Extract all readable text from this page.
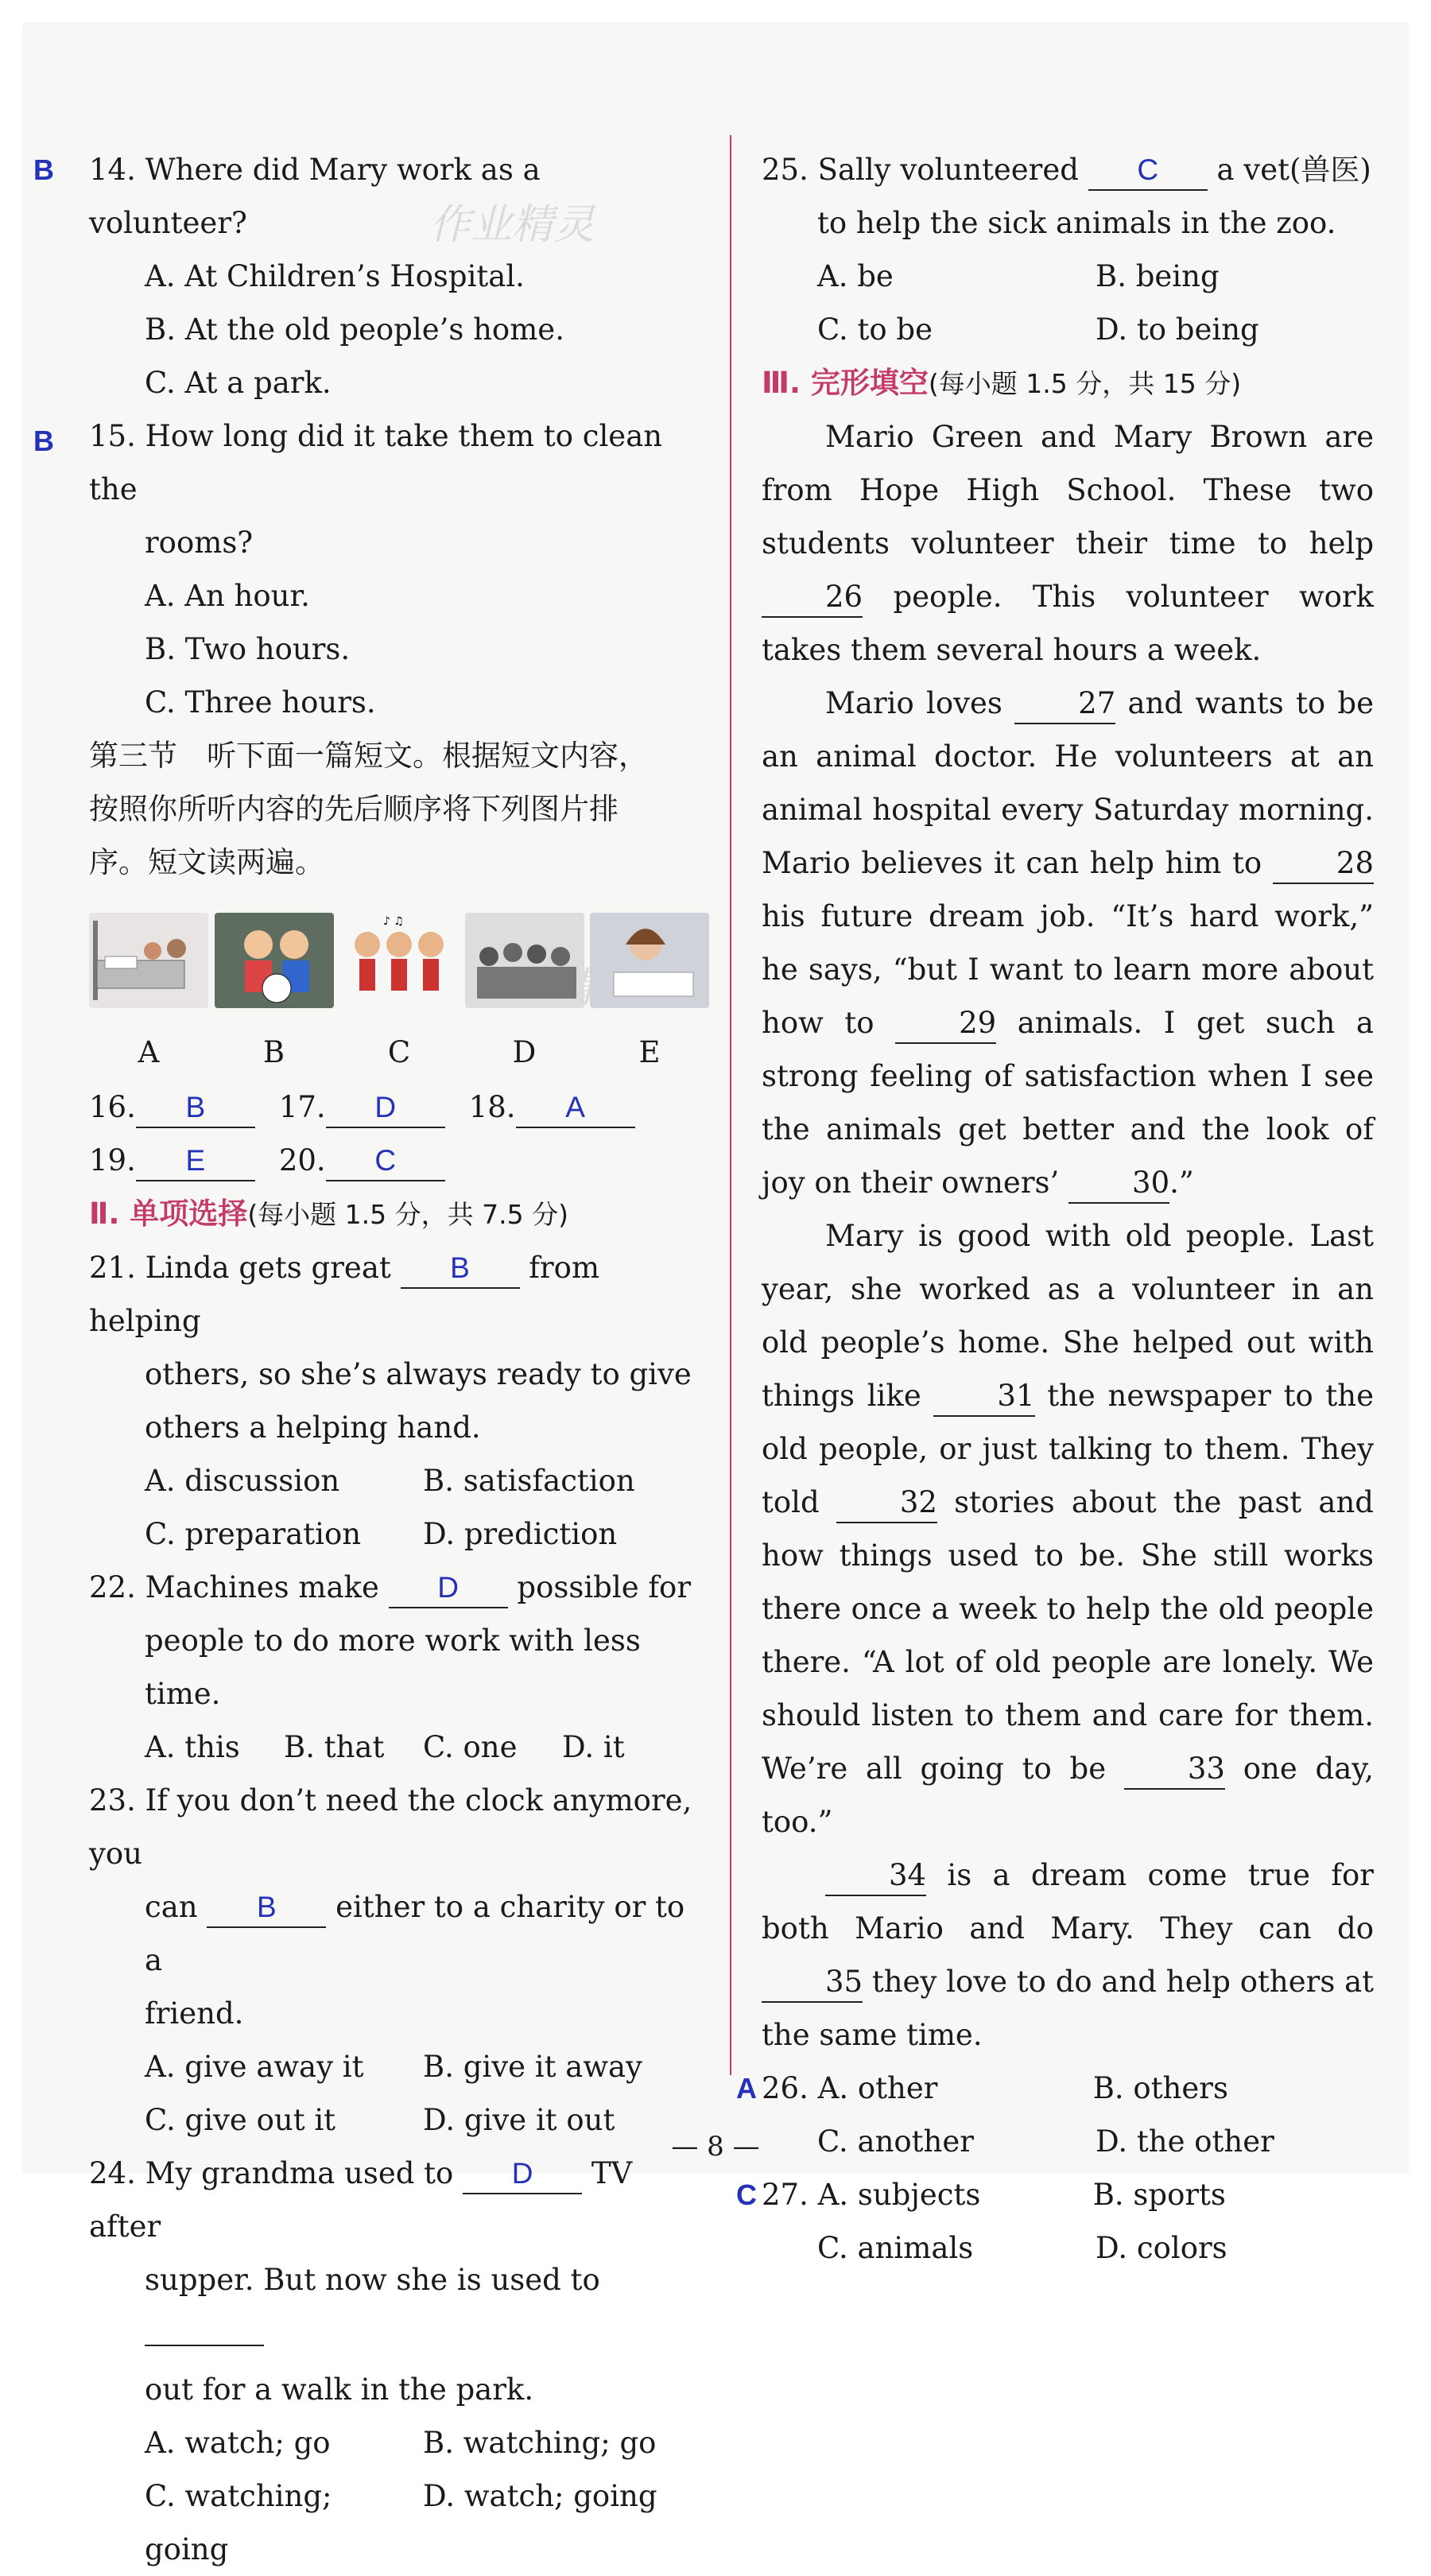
作业精灵
B 14. Where did Mary work as a volunteer?
A. At Children’s Hospital.
B. At the old people’s home.
C. At a park.
B 15. How long did it take them to clean the
rooms?
A. An hour.
B. Two hours.
C. Three hours.
第三节　听下面一篇短文。根据短文内容，
按照你所听内容的先后顺序将下列图片排
序。短文读两遍。
A	B
♪ ♫
C	D	E
16.	B	17.	D	18.	A
19.	E	20.	C
Ⅱ. 单项选择(每小题 1.5 分，共 7.5 分)
21. Linda gets great B from helping
others, so she’s always ready to give
others a helping hand.
A. discussion	B. satisfaction
C. preparation	D. prediction
22. Machines make D possible for
people to do more work with less time.
A. this	B. that	C. one	D. it
23. If you don’t need the clock anymore, you
can B either to a charity or to a
friend.
A. give away it	B. give it away
C. give out it	D. give it out
24. My grandma used to D TV after
supper. But now she is used to
out for a walk in the park.
A. watch; go	B. watching; go
C. watching; going
D. watch; going
25. Sally volunteered C a vet(兽医)
to help the sick animals in the zoo.
A. be	B. being
C. to be	D. to being
Ⅲ. 完形填空(每小题 1.5 分，共 15 分)
Mario Green and Mary Brown are from Hope High School. These two students volunteer their time to help 26 people. This volunteer work takes them several hours a week.
Mario loves	27 and wants to be an animal doctor. He volunteers at an animal hospital every Saturday morning. Mario believes it can help him to	28 his future dream job. “It’s hard work,” he says, “but I want to learn more about how to	29 animals. I get such a strong feeling of satisfaction when I see the animals get better and the look of joy on their owners’ 30.”
Mary is good with old people. Last year, she worked as a volunteer in an old people’s home. She helped out with things like	31 the newspaper to the old people, or just talking to them. They told	32 stories about the past and how things used to be. She still works there once a week to help the old people there. “A lot of old people are lonely. We should listen to them and care for them. We’re all going to be	33 one day, too.”
34 is a dream come true for both Mario and Mary. They can do 35 they love to do and help others at the same time.
A 26. A. other	B. others
C. another	D. the other
C 27. A. subjects	B. sports
C. animals	D. colors
— 8 —
